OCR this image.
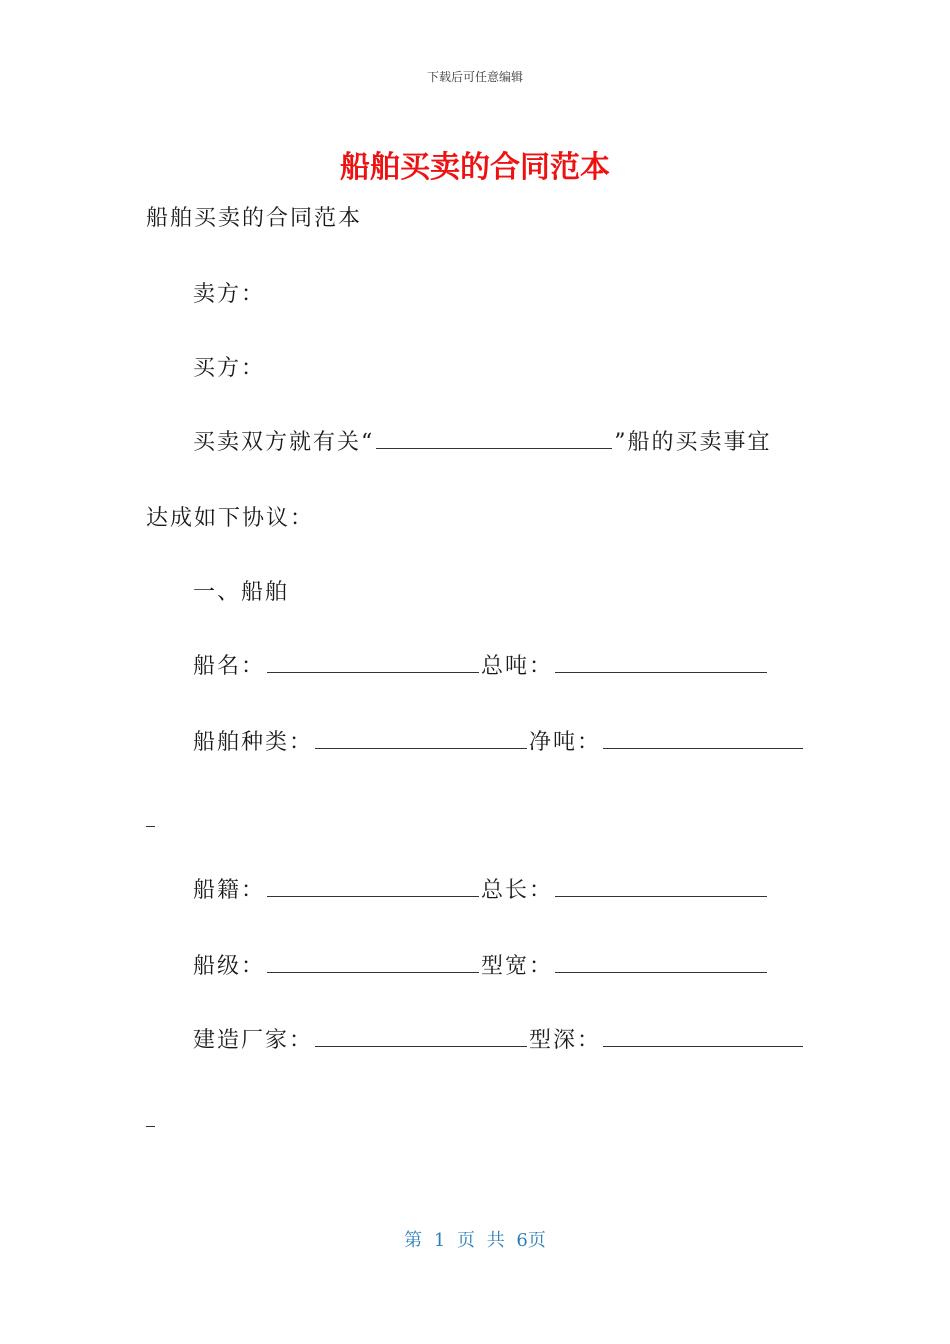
下载后可任意编辑
船舶买卖的合同范本
船舶买卖的合同范本
卖方：
买方：
买卖双方就有关“	”船的买卖事宜
达成如下协议：
一、船舶
船名：	总吨：
船舶种类：	净吨：
船籍：	总长：
船级：	型宽：
建造厂家：	型深：
第 1 页 共 6页
